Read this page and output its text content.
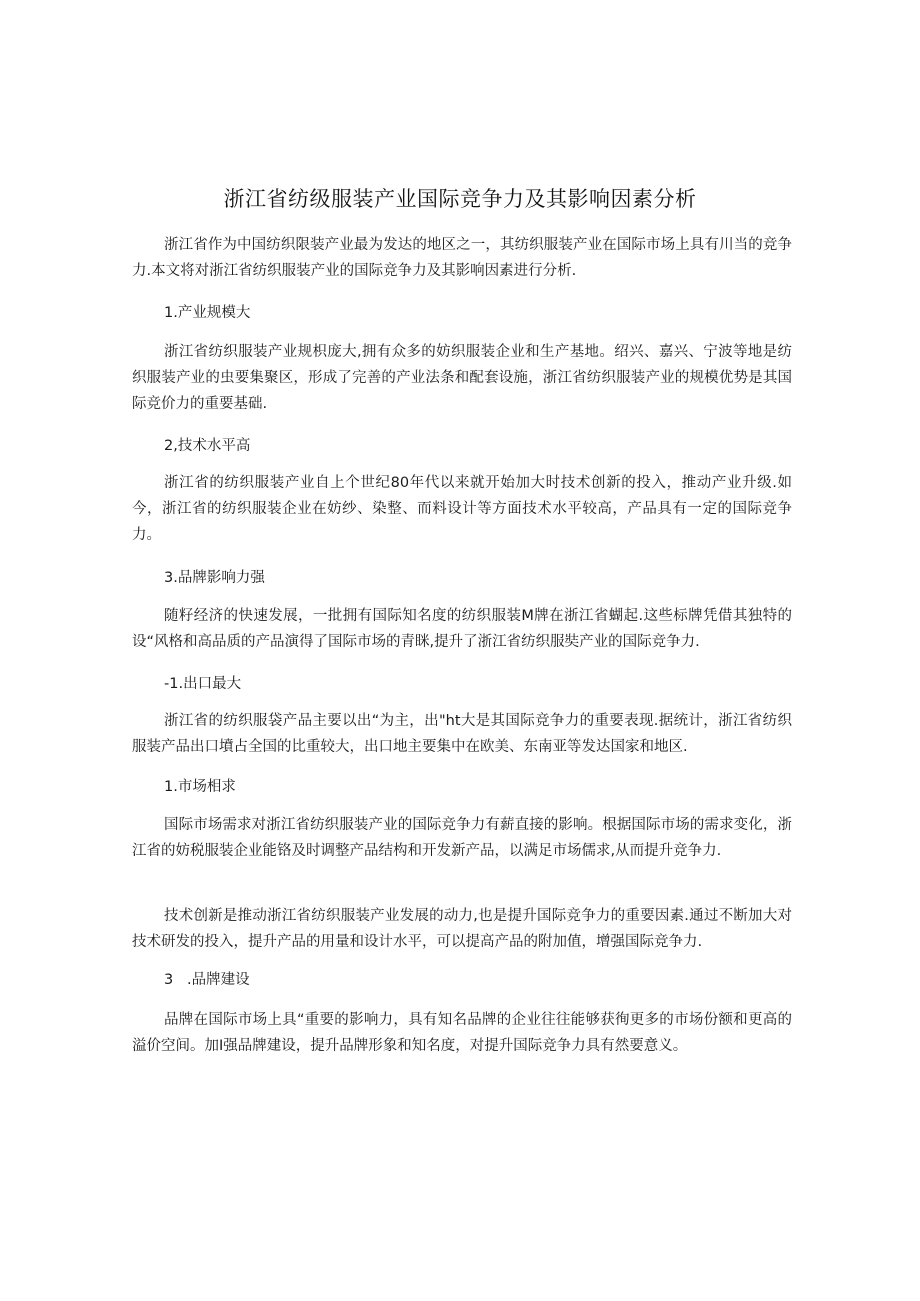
浙江省纺级服装产业国际竞争力及其影响因素分析
浙江省作为中国纺织限装产业最为发达的地区之一，其纺织服装产业在国际市场上具有川当的竞争力.本文将对浙江省纺织服装产业的国际竞争力及其影响因素进行分析.
1.产业规模大
浙江省纺织服装产业规枳庞大,拥有众多的妨织服装企业和生产基地。绍兴、嘉兴、宁波等地是纺织服装产业的虫要集聚区，形成了完善的产业法条和配套设施，浙江省纺织服装产业的规模优势是其国际竞价力的重要基础.
2,技术水平高
浙江省的纺织服装产业自上个世纪80年代以来就开始加大时技术创新的投入，推动产业升级.如今，浙江省的纺织服装企业在妨纱、染整、而料设计等方面技术水平较高，产品具有一定的国际竞争力。
3.品牌影响力强
随籽经济的快速发展，一批拥有国际知名度的纺织服装M牌在浙江省蝴起.这些标牌凭借其独特的设“风格和高品质的产品演得了国际市场的青眯,提升了浙江省纺织服奘产业的国际竞争力.
-1.出口最大
浙江省的纺织服袋产品主要以出“为主，出"ht大是其国际竞争力的重要表现.据统计，浙江省纺织服装产品出口墳占全国的比重较大，出口地主要集中在欧美、东南亚等发达国家和地区.
1.市场相求
国际市场需求对浙江省纺织服装产业的国际竞争力有薪直接的影响。根据国际市场的需求变化，浙江省的妨税服装企业能铬及时调整产品结构和开发新产品，以满足市场儒求,从而提升竞争力.
技术创新是推动浙江省纺织服装产业发展的动力,也是提升国际竞争力的重要因素.通过不断加大对技术研发的投入，提升产品的用量和设计水平，可以提高产品的附加值，增强国际竞争力.
3   .品牌建设
品牌在国际市场上具“重要的影响力，具有知名品牌的企业往往能够获徇更多的市场份额和更高的溢价空间。加I强品牌建设，提升品牌形象和知名度，对提升国际竞争力具有然要意义。
